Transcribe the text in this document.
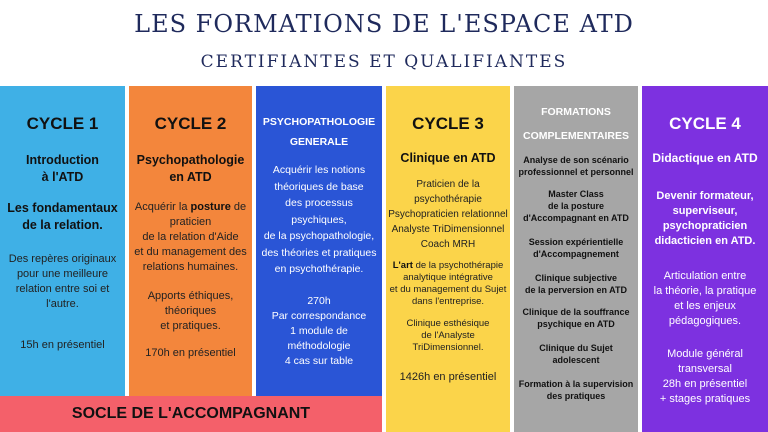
LES FORMATIONS DE L'ESPACE ATD
CERTIFIANTES ET QUALIFIANTES

CYCLE 1

Introduction
à l'ATD

Les fondamentaux
de la relation.

Des repères originaux
pour une meilleure
relation entre soi et
l'autre.

15h en présentiel

CYCLE 2

Psychopathologie
en ATD

Acquérir la posture de
praticien
de la relation d'Aide
et du management des
relations humaines.

Apports éthiques,
théoriques
et pratiques.

170h en présentiel

PSYCHOPATHOLOGIE
GENERALE

Acquérir les notions
théoriques de base
des processus
psychiques,
de la psychopathologie,
des théories et pratiques
en psychothérapie.

270h
Par correspondance
1 module de
méthodologie
4 cas sur table

CYCLE 3

Clinique en ATD

Praticien de la
psychothérapie
Psychopraticien relationnel
Analyste TriDimensionnel
Coach MRH

L'art de la psychothérapie
analytique intégrative
et du management du Sujet
dans l'entreprise.

Clinique esthésique
de l'Analyste
TriDimensionnel.

1426h en présentiel

FORMATIONS
COMPLEMENTAIRES

Analyse de son scénario
professionnel et personnel

Master Class
de la posture
d'Accompagnant en ATD

Session expérientielle
d'Accompagnement

Clinique subjective
de la perversion en ATD

Clinique de la souffrance
psychique en ATD

Clinique du Sujet
adolescent

Formation à la supervision
des pratiques

CYCLE 4

Didactique en ATD

Devenir formateur,
superviseur,
psychopraticien
didacticien en ATD.

Articulation entre
la théorie, la pratique
et les enjeux
pédagogiques.

Module général
transversal
28h en présentiel
+ stages pratiques

SOCLE DE L'ACCOMPAGNANT
